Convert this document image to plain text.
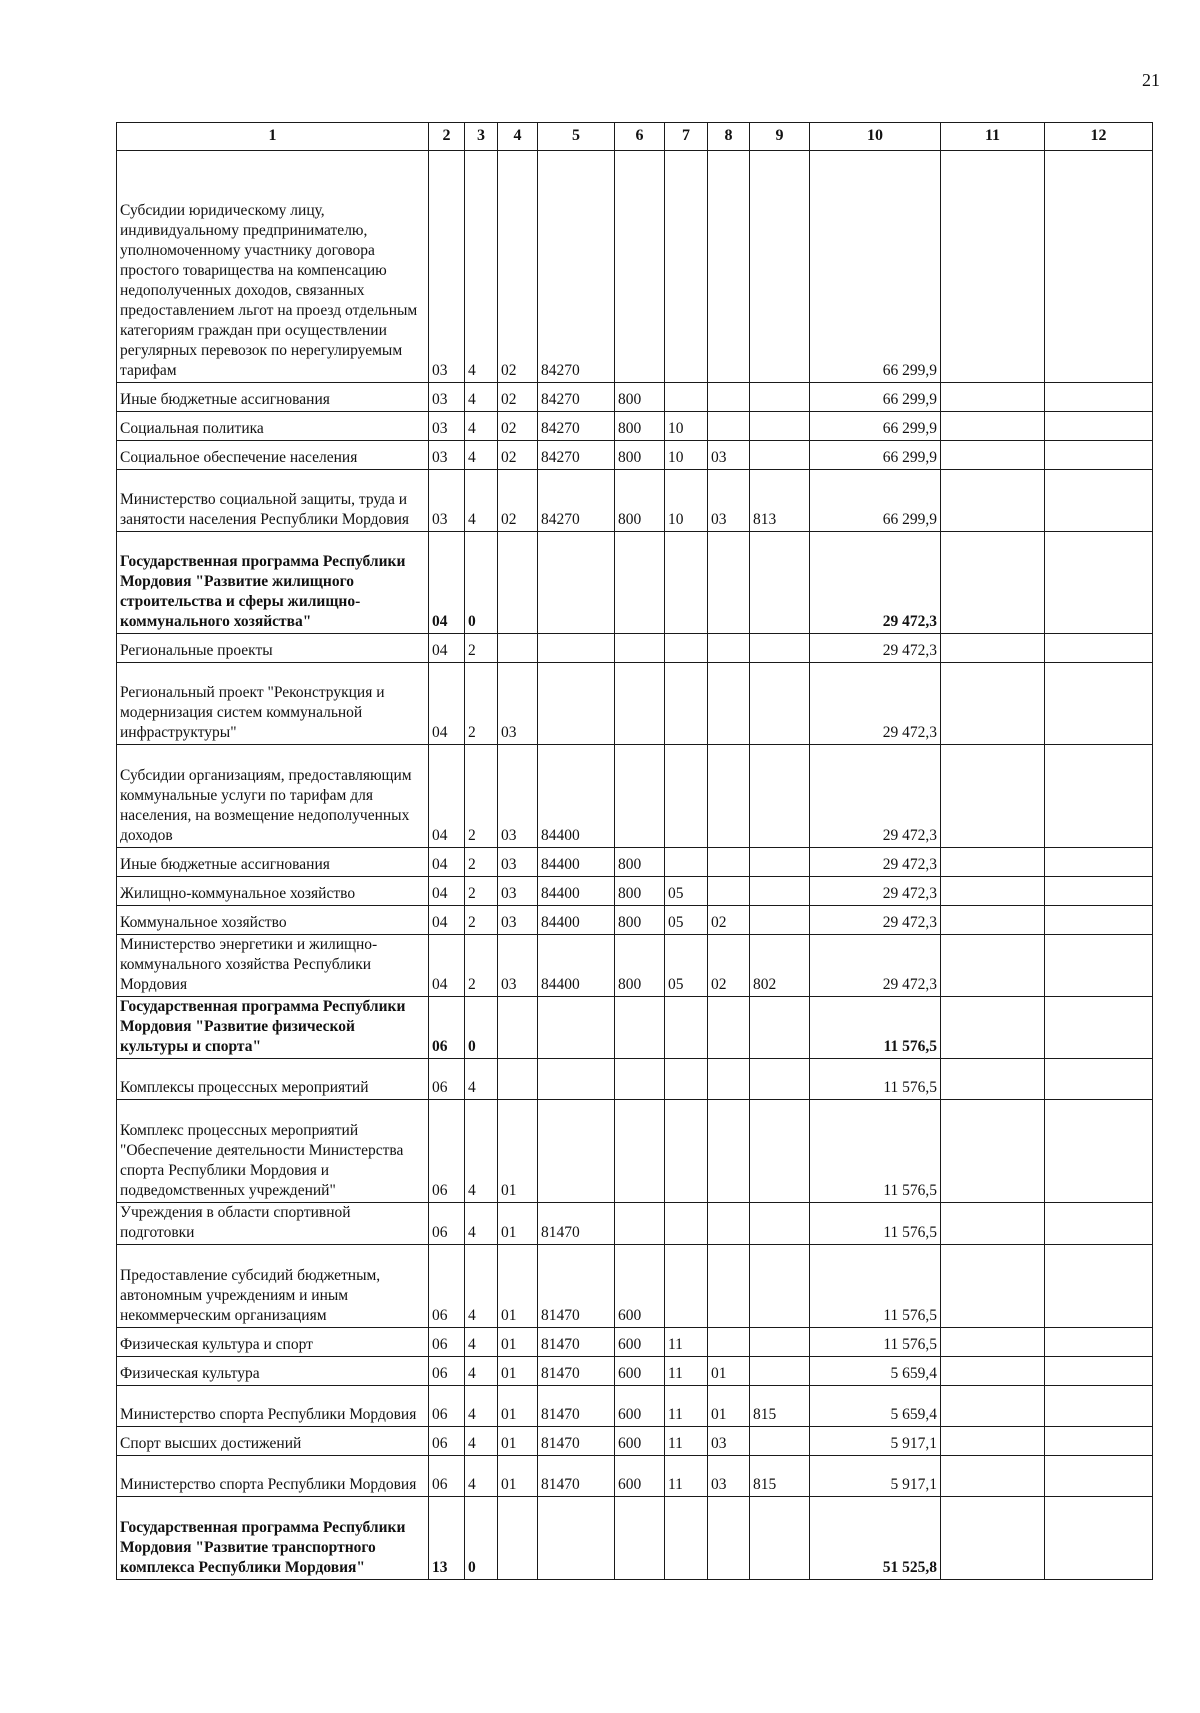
21
1	2	3	4	5	6	7	8	9	10	11	12
Субсидии юридическому лицу, индивидуальному предпринимателю, уполномоченному участнику договора простого товарищества на компенсацию недополученных доходов, связанных предоставлением льгот на проезд отдельным категориям граждан при осуществлении регулярных перевозок по нерегулируемым тарифам	03	4	02	84270					66 299,9		
Иные бюджетные ассигнования	03	4	02	84270	800				66 299,9		
Социальная политика	03	4	02	84270	800	10			66 299,9		
Социальное обеспечение населения	03	4	02	84270	800	10	03		66 299,9		
Министерство социальной защиты, труда и занятости населения Республики Мордовия	03	4	02	84270	800	10	03	813	66 299,9		
Государственная программа Республики Мордовия "Развитие жилищного строительства и сферы жилищно-коммунального хозяйства"	04	0							29 472,3		
Региональные проекты	04	2							29 472,3		
Региональный проект "Реконструкция и модернизация систем коммунальной инфраструктуры"	04	2	03						29 472,3		
Субсидии организациям, предоставляющим коммунальные услуги по тарифам для населения, на возмещение недополученных доходов	04	2	03	84400					29 472,3		
Иные бюджетные ассигнования	04	2	03	84400	800				29 472,3		
Жилищно-коммунальное хозяйство	04	2	03	84400	800	05			29 472,3		
Коммунальное хозяйство	04	2	03	84400	800	05	02		29 472,3		
Министерство энергетики и жилищно-коммунального хозяйства Республики Мордовия	04	2	03	84400	800	05	02	802	29 472,3		
Государственная программа Республики Мордовия "Развитие физической культуры и спорта"	06	0							11 576,5		
Комплексы процессных мероприятий	06	4							11 576,5		
Комплекс процессных мероприятий "Обеспечение деятельности Министерства спорта Республики Мордовия и подведомственных учреждений"	06	4	01						11 576,5		
Учреждения в области спортивной подготовки	06	4	01	81470					11 576,5		
Предоставление субсидий бюджетным, автономным учреждениям и иным некоммерческим организациям	06	4	01	81470	600				11 576,5		
Физическая культура и спорт	06	4	01	81470	600	11			11 576,5		
Физическая культура	06	4	01	81470	600	11	01		5 659,4		
Министерство спорта Республики Мордовия	06	4	01	81470	600	11	01	815	5 659,4		
Спорт высших достижений	06	4	01	81470	600	11	03		5 917,1		
Министерство спорта Республики Мордовия	06	4	01	81470	600	11	03	815	5 917,1		
Государственная программа Республики Мордовия "Развитие транспортного комплекса Республики Мордовия"	13	0							51 525,8		
